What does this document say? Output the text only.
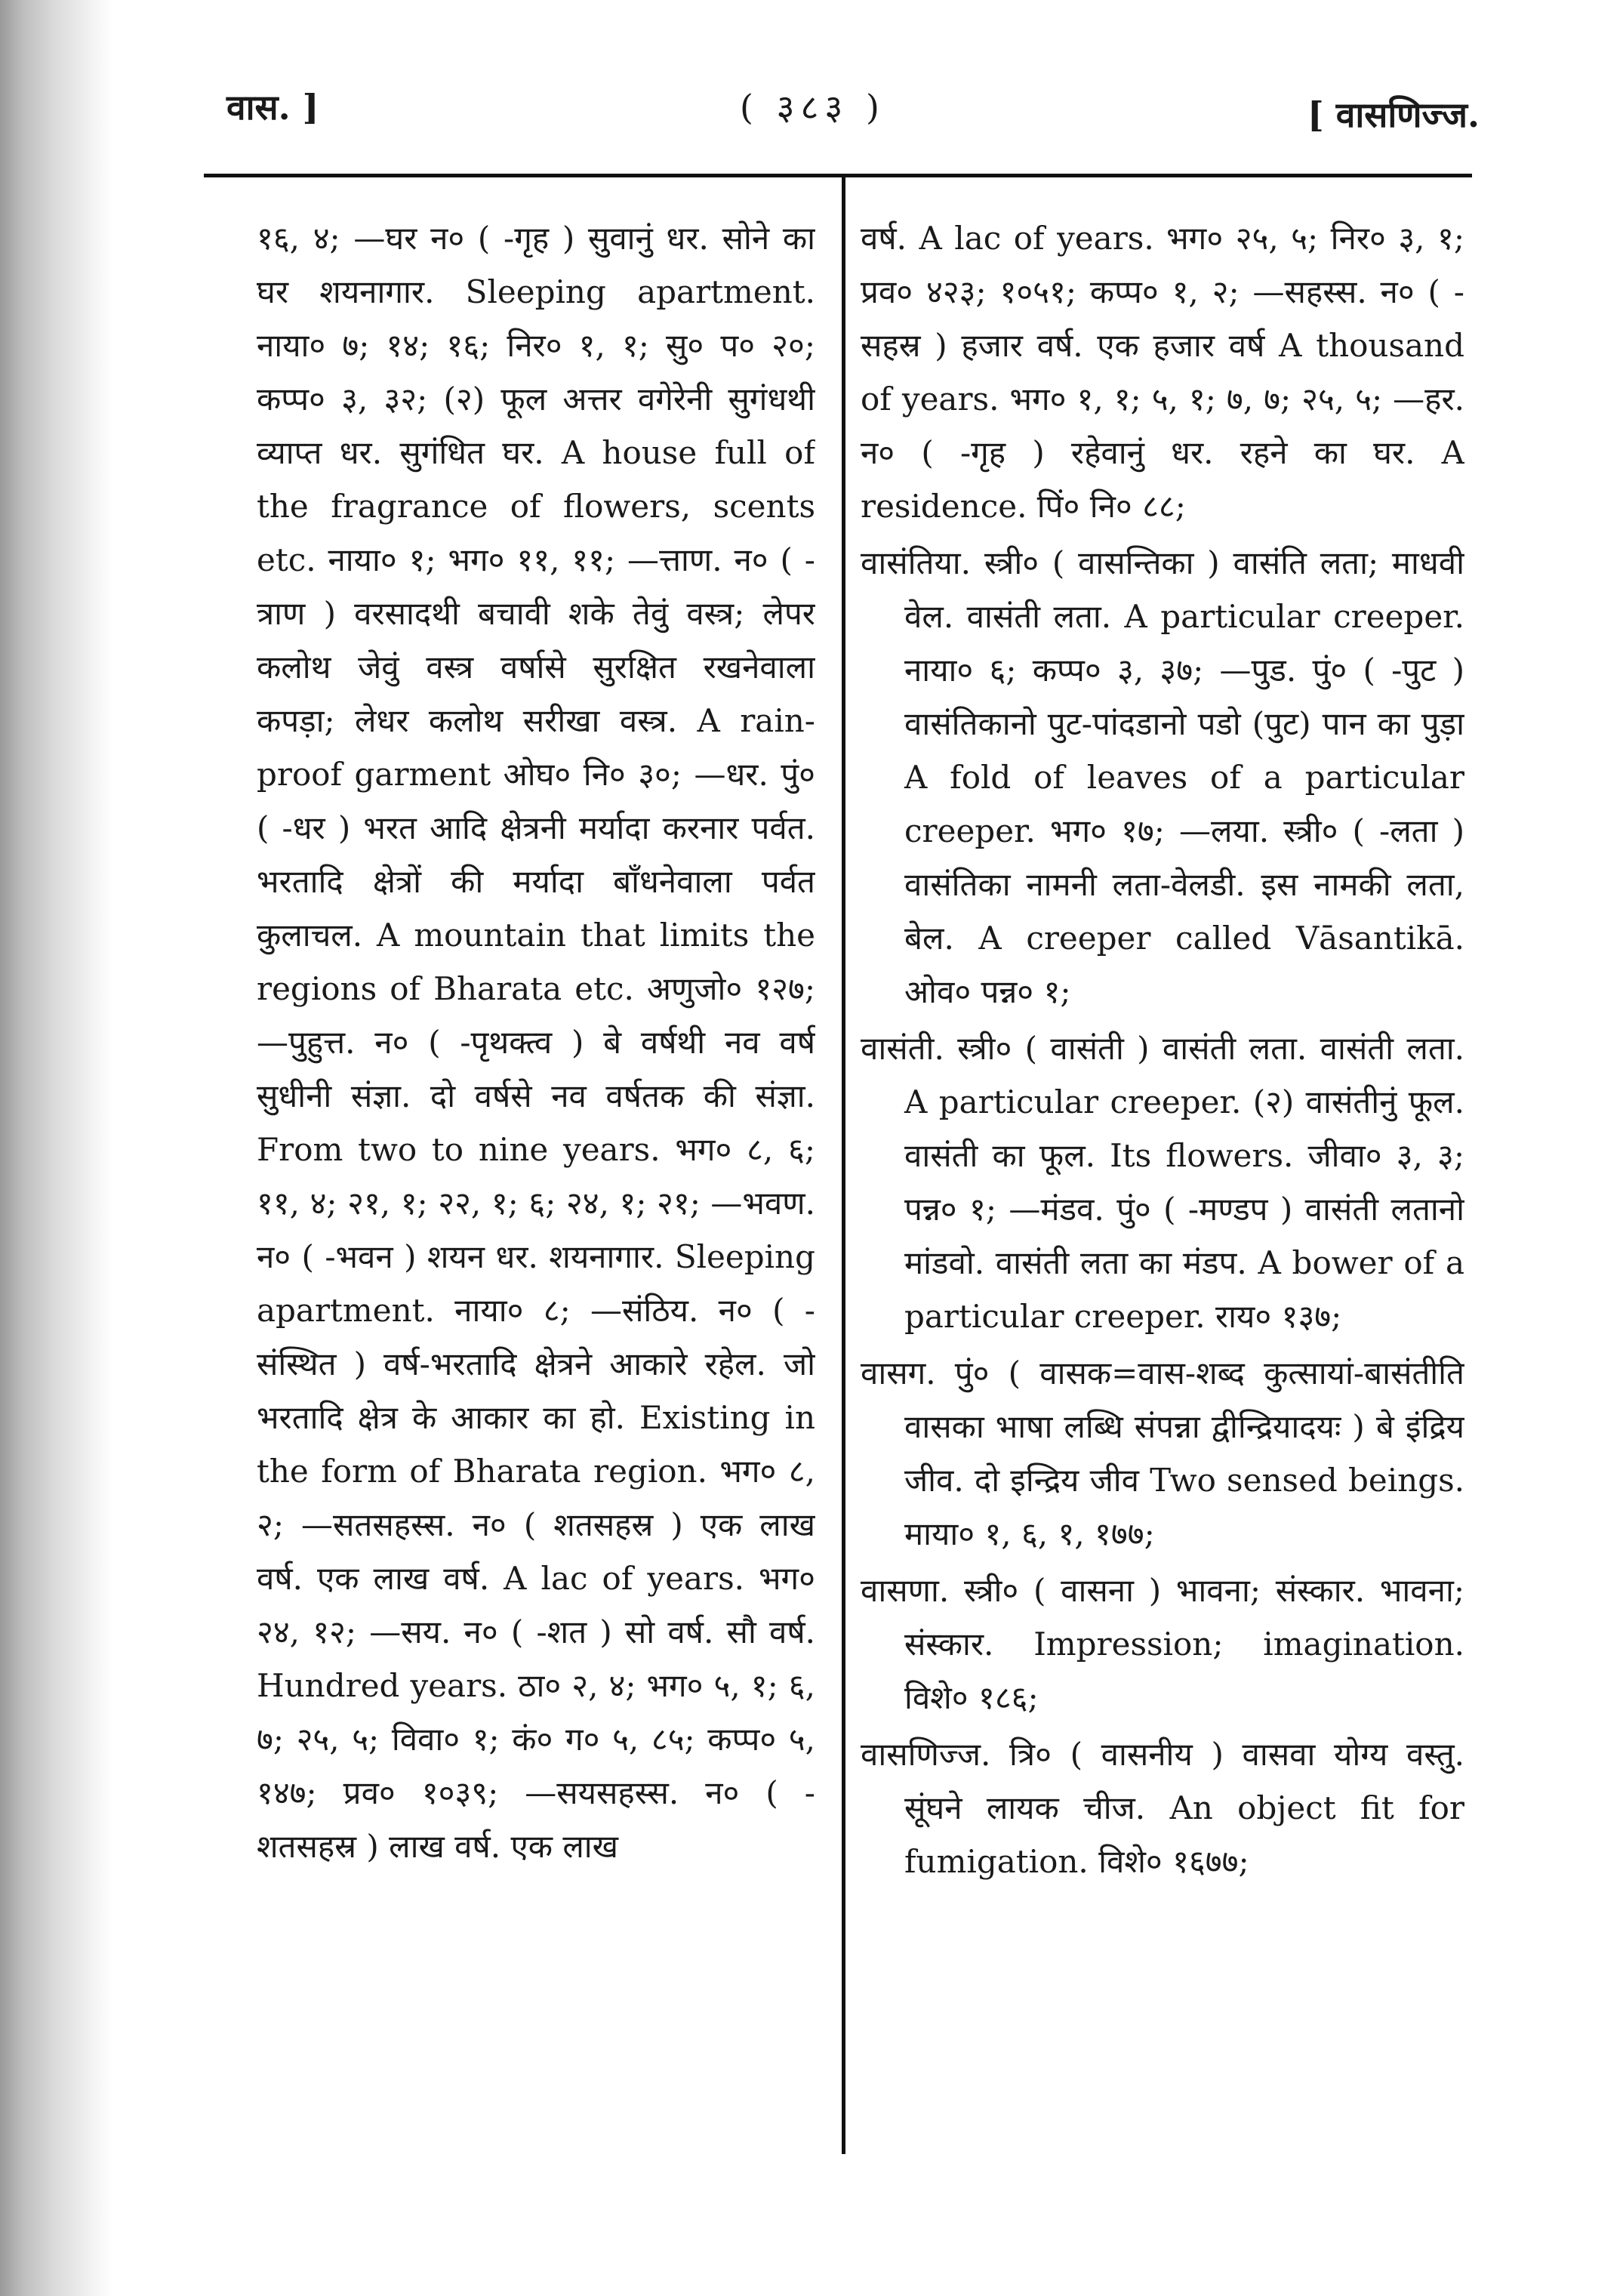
वास. ]	( ३८३ )	[ वासणिज्ज.

१६, ४; —घर न० ( -गृह ) सुवानुं धर. सोने का घर शयनागार. Sleeping apartment. नाया० ७; १४; १६; निर० १, १; सु० प० २०; कप्प० ३, ३२; (२) फूल अत्तर वगेरेनी सुगंधथी व्याप्त धर. सुगंधित घर. A house full of the fragrance of flowers, scents etc. नाया० १; भग० ११, ११; —त्ताण. न० ( -त्राण ) वरसादथी बचावी शके तेवुं वस्त्र; लेपर कलोथ जेवुं वस्त्र वर्षासे सुरक्षित रखनेवाला कपड़ा; लेधर कलोथ सरीखा वस्त्र. A rain-proof garment ओघ० नि० ३०; —धर. पुं० ( -धर ) भरत आदि क्षेत्रनी मर्यादा करनार पर्वत. भरतादि क्षेत्रों की मर्यादा बाँधनेवाला पर्वत कुलाचल. A mountain that limits the regions of Bharata etc. अणुजो० १२७; —पुहुत्त. न० ( -पृथक्त्व ) बे वर्षथी नव वर्ष सुधीनी संज्ञा. दो वर्षसे नव वर्षतक की संज्ञा. From two to nine years. भग० ८, ६; ११, ४; २१, १; २२, १; ६; २४, १; २१; —भवण. न० ( -भवन ) शयन धर. शयनागार. Sleeping apartment. नाया० ८; —संठिय. न० ( -संस्थित ) वर्ष-भरतादि क्षेत्रने आकारे रहेल. जो भरतादि क्षेत्र के आकार का हो. Existing in the form of Bharata region. भग० ८, २; —सतसहस्स. न० ( शतसहस्र ) एक लाख वर्ष. एक लाख वर्ष. A lac of years. भग० २४, १२; —सय. न० ( -शत ) सो वर्ष. सौ वर्ष. Hundred years. ठा० २, ४; भग० ५, १; ६, ७; २५, ५; विवा० १; कं० ग० ५, ८५; कप्प० ५, १४७; प्रव० १०३९; —सयसहस्स. न० ( -शतसहस्र ) लाख वर्ष. एक लाख

वर्ष. A lac of years. भग० २५, ५; निर० ३, १; प्रव० ४२३; १०५१; कप्प० १, २; —सहस्स. न० ( -सहस्र ) हजार वर्ष. एक हजार वर्ष A thousand of years. भग० १, १; ५, १; ७, ७; २५, ५; —हर. न० ( -गृह ) रहेवानुं धर. रहने का घर. A residence. पिं० नि० ८८;

वासंतिया. स्त्री० ( वासन्तिका ) वासंति लता; माधवी वेल. वासंती लता. A particular creeper. नाया० ६; कप्प० ३, ३७; —पुड. पुं० ( -पुट ) वासंतिकानो पुट-पांदडानो पडो (पुट) पान का पुड़ा A fold of leaves of a particular creeper. भग० १७; —लया. स्त्री० ( -लता ) वासंतिका नामनी लता-वेलडी. इस नामकी लता, बेल. A creeper called Vāsantikā. ओव० पन्न० १;

वासंती. स्त्री० ( वासंती ) वासंती लता. वासंती लता. A particular creeper. (२) वासंतीनुं फूल. वासंती का फूल. Its flowers. जीवा० ३, ३; पन्न० १; —मंडव. पुं० ( -मण्डप ) वासंती लतानो मांडवो. वासंती लता का मंडप. A bower of a particular creeper. राय० १३७;

वासग. पुं० ( वासक=वास-शब्द कुत्सायां-बासंतीति वासका भाषा लब्धि संपन्ना द्वीन्द्रियादयः ) बे इंद्रिय जीव. दो इन्द्रिय जीव Two sensed beings. माया० १, ६, १, १७७;

वासणा. स्त्री० ( वासना ) भावना; संस्कार. भावना; संस्कार. Impression; imagination. विशे० १८६;

वासणिज्ज. त्रि० ( वासनीय ) वासवा योग्य वस्तु. सूंघने लायक चीज. An object fit for fumigation. विशे० १६७७;
